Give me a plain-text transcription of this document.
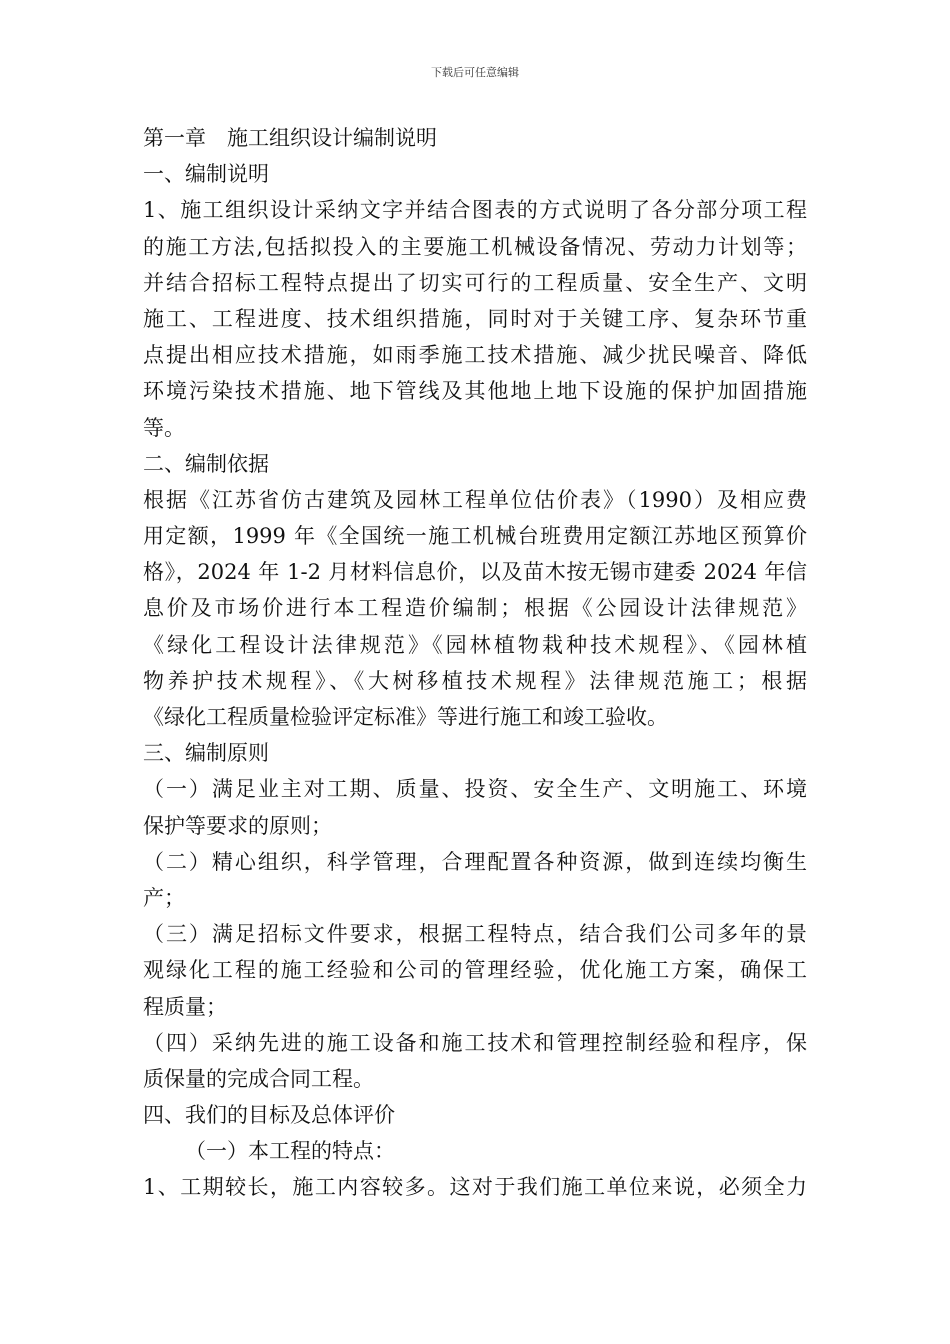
下载后可任意编辑
第一章　施工组织设计编制说明
一、编制说明
1、施工组织设计采纳文字并结合图表的方式说明了各分部分项工程
的施工方法,包括拟投入的主要施工机械设备情况、劳动力计划等；
并结合招标工程特点提出了切实可行的工程质量、安全生产、文明
施工、工程进度、技术组织措施，同时对于关键工序、复杂环节重
点提出相应技术措施，如雨季施工技术措施、减少扰民噪音、降低
环境污染技术措施、地下管线及其他地上地下设施的保护加固措施
等。
二、编制依据
根据《江苏省仿古建筑及园林工程单位估价表》（1990）及相应费
用定额，1999 年《全国统一施工机械台班费用定额江苏地区预算价
格》，2024 年 1-2 月材料信息价，以及苗木按无锡市建委 2024 年信
息价及市场价进行本工程造价编制；根据《公园设计法律规范》
《绿化工程设计法律规范》《园林植物栽种技术规程》、《园林植
物养护技术规程》、《大树移植技术规程》法律规范施工；根据
《绿化工程质量检验评定标准》等进行施工和竣工验收。
三、编制原则
（一）满足业主对工期、质量、投资、安全生产、文明施工、环境
保护等要求的原则；
（二）精心组织，科学管理，合理配置各种资源，做到连续均衡生
产；
（三）满足招标文件要求，根据工程特点，结合我们公司多年的景
观绿化工程的施工经验和公司的管理经验，优化施工方案，确保工
程质量；
（四）采纳先进的施工设备和施工技术和管理控制经验和程序，保
质保量的完成合同工程。
四、我们的目标及总体评价
（一）本工程的特点：
1、工期较长，施工内容较多。这对于我们施工单位来说，必须全力
